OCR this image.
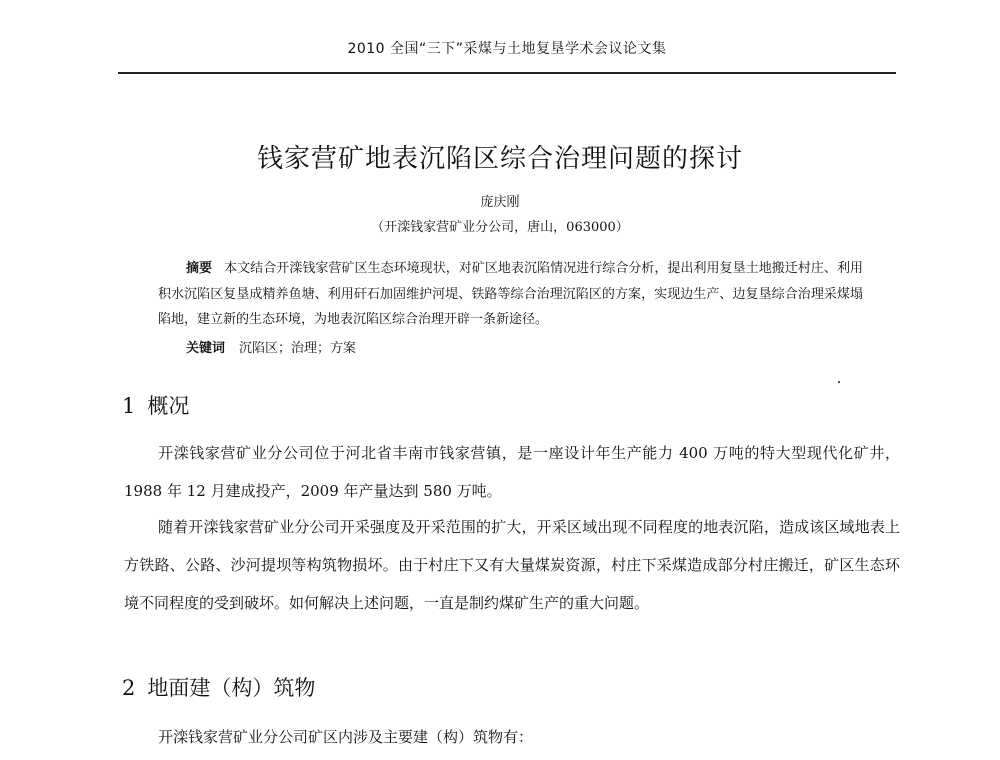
2010 全国“三下”采煤与土地复垦学术会议论文集
钱家营矿地表沉陷区综合治理问题的探讨
庞庆刚
（开滦钱家营矿业分公司，唐山，063000）
摘要 本文结合开滦钱家营矿区生态环境现状，对矿区地表沉陷情况进行综合分析，提出利用复垦土地搬迁村庄、利用积水沉陷区复垦成精养鱼塘、利用矸石加固维护河堤、铁路等综合治理沉陷区的方案，实现边生产、边复垦综合治理采煤塌陷地，建立新的生态环境，为地表沉陷区综合治理开辟一条新途径。
关键词 沉陷区；治理；方案
1 概况

开滦钱家营矿业分公司位于河北省丰南市钱家营镇，是一座设计年生产能力 400 万吨的特大型现代化矿井，1988 年 12 月建成投产，2009 年产量达到 580 万吨。

随着开滦钱家营矿业分公司开采强度及开采范围的扩大，开采区域出现不同程度的地表沉陷，造成该区域地表上方铁路、公路、沙河提坝等构筑物损坏。由于村庄下又有大量煤炭资源，村庄下采煤造成部分村庄搬迁，矿区生态环境不同程度的受到破坏。如何解决上述问题，一直是制约煤矿生产的重大问题。

2 地面建（构）筑物

开滦钱家营矿业分公司矿区内涉及主要建（构）筑物有：
